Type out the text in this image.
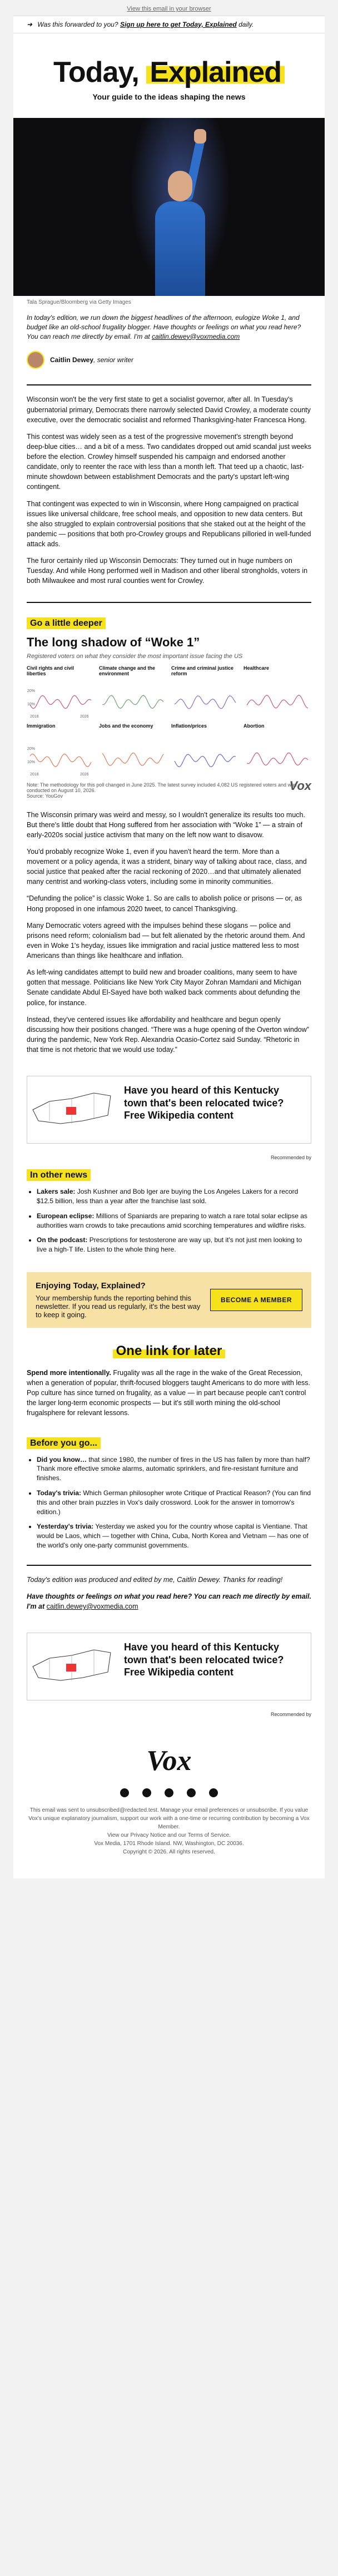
View this email in your browser
➜ Was this forwarded to you? Sign up here to get Today, Explained daily.
Today, Explained
Your guide to the ideas shaping the news
Tala Sprague/Bloomberg via Getty Images
In today's edition, we run down the biggest headlines of the afternoon, eulogize Woke 1, and budget like an old-school frugality blogger. Have thoughts or feelings on what you read here? You can reach me directly by email. I'm at caitlin.dewey@voxmedia.com
Caitlin Dewey , senior writer

Wisconsin won't be the very first state to get a socialist governor, after all. In Tuesday's gubernatorial primary, Democrats there narrowly selected David Crowley, a moderate county executive, over the democratic socialist and reformed Thanksgiving-hater Francesca Hong.

This contest was widely seen as a test of the progressive movement's strength beyond deep-blue cities… and a bit of a mess. Two candidates dropped out amid scandal just weeks before the election. Crowley himself suspended his campaign and endorsed another candidate, only to reenter the race with less than a month left. That teed up a chaotic, last-minute showdown between establishment Democrats and the party's upstart left-wing contingent.

That contingent was expected to win in Wisconsin, where Hong campaigned on practical issues like universal childcare, free school meals, and opposition to new data centers. But she also struggled to explain controversial positions that she staked out at the height of the pandemic — positions that both pro-Crowley groups and Republicans pilloried in well-funded attack ads.

The furor certainly riled up Wisconsin Democrats: They turned out in huge numbers on Tuesday. And while Hong performed well in Madison and other liberal strongholds, voters in both Milwaukee and most rural counties went for Crowley.

Go a little deeper
The long shadow of “Woke 1”
Registered voters on what they consider the most important issue facing the US
Civil rights and civil liberties
20%
10%
2018	2026
Climate change and the environment
Crime and criminal justice reform
Healthcare
Immigration
20%
10%
2018	2026
Jobs and the economy	Inflation/prices	Abortion
Note: The methodology for this poll changed in June 2025. The latest survey included 4,082 US registered voters and was conducted on August 10, 2026.
Source: YouGov
Vox

The Wisconsin primary was weird and messy, so I wouldn't generalize its results too much. But there's little doubt that Hong suffered from her association with “Woke 1” — a strain of early-2020s social justice activism that many on the left now want to disavow.

You'd probably recognize Woke 1, even if you haven't heard the term. More than a movement or a policy agenda, it was a strident, binary way of talking about race, class, and social justice that peaked after the racial reckoning of 2020…and that ultimately alienated many centrist and working-class voters, including some in minority communities.

“Defunding the police” is classic Woke 1. So are calls to abolish police or prisons — or, as Hong proposed in one infamous 2020 tweet, to cancel Thanksgiving.

Many Democratic voters agreed with the impulses behind these slogans — police and prisons need reform; colonialism bad — but felt alienated by the rhetoric around them. And even in Woke 1's heyday, issues like immigration and racial justice mattered less to most Americans than things like healthcare and inflation.

As left-wing candidates attempt to build new and broader coalitions, many seem to have gotten that message. Politicians like New York City Mayor Zohran Mamdani and Michigan Senate candidate Abdul El-Sayed have both walked back comments about defunding the police, for instance.

Instead, they've centered issues like affordability and healthcare and begun openly discussing how their positions changed. “There was a huge opening of the Overton window” during the pandemic, New York Rep. Alexandria Ocasio-Cortez said Sunday. “Rhetoric in that time is not rhetoric that we would use today.”

Have you heard of this Kentucky town that's been relocated twice? Free Wikipedia content
Recommended by
In other news
• Lakers sale: Josh Kushner and Bob Iger are buying the Los Angeles Lakers for a record $12.5 billion, less than a year after the franchise last sold.
• European eclipse: Millions of Spaniards are preparing to watch a rare total solar eclipse as authorities warn crowds to take precautions amid scorching temperatures and wildfire risks.
• On the podcast: Prescriptions for testosterone are way up, but it's not just men looking to live a high-T life. Listen to the whole thing here.
Enjoying Today, Explained?
Your membership funds the reporting behind this newsletter. If you read us regularly, it's the best way to keep it going.
BECOME A MEMBER
One link for later

Spend more intentionally. Frugality was all the rage in the wake of the Great Recession, when a generation of popular, thrift-focused bloggers taught Americans to do more with less. Pop culture has since turned on frugality, as a value — in part because people can't control the larger long-term economic prospects — but it's still worth mining the old-school frugalsphere for relevant lessons.

Before you go...
• Did you know… that since 1980, the number of fires in the US has fallen by more than half? Thank more effective smoke alarms, automatic sprinklers, and fire-resistant furniture and finishes.
• Today's trivia: Which German philosopher wrote Critique of Practical Reason? (You can find this and other brain puzzles in Vox's daily crossword. Look for the answer in tomorrow's edition.)
• Yesterday's trivia: Yesterday we asked you for the country whose capital is Vientiane. That would be Laos, which — together with China, Cuba, North Korea and Vietnam — has one of the world's only one-party communist governments.

Today's edition was produced and edited by me, Caitlin Dewey. Thanks for reading!

Have thoughts or feelings on what you read here? You can reach me directly by email. I'm at caitlin.dewey@voxmedia.com

Have you heard of this Kentucky town that's been relocated twice? Free Wikipedia content
Recommended by
Vox
This email was sent to unsubscribed@redacted.test. Manage your email preferences or unsubscribe. If you value Vox's unique explanatory journalism, support our work with a one-time or recurring contribution by becoming a Vox Member.
View our Privacy Notice and our Terms of Service.
Vox Media, 1701 Rhode Island. NW, Washington, DC 20036.
Copyright © 2026. All rights reserved.
